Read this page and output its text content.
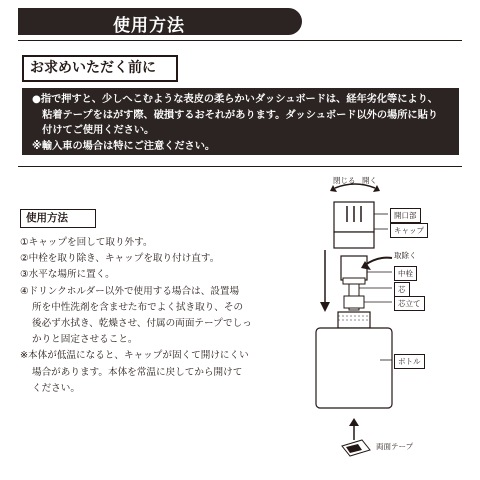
使用方法
お求めいただく前に
●指で押すと、少しへこむような表皮の柔らかいダッシュボードは、経年劣化等により、
　粘着テープをはがす際、破損するおそれがあります。ダッシュボード以外の場所に貼り
　付けてご使用ください。
※輸入車の場合は特にご注意ください。
使用方法
①キャップを回して取り外す。
②中栓を取り除き、キャップを取り付け直す。
③水平な場所に置く。
④ドリンクホルダー以外で使用する場合は、設置場
所を中性洗剤を含ませた布でよく拭き取り、その
後必ず水拭き、乾燥させ、付属の両面テープでしっ
かりと固定させること。
※本体が低温になると、キャップが固くて開けにくい
場合があります。本体を常温に戻してから開けて
ください。
閉じる 開く
開口部
キャップ
取除く
中栓
芯
芯立て
ボトル
両面テープ
